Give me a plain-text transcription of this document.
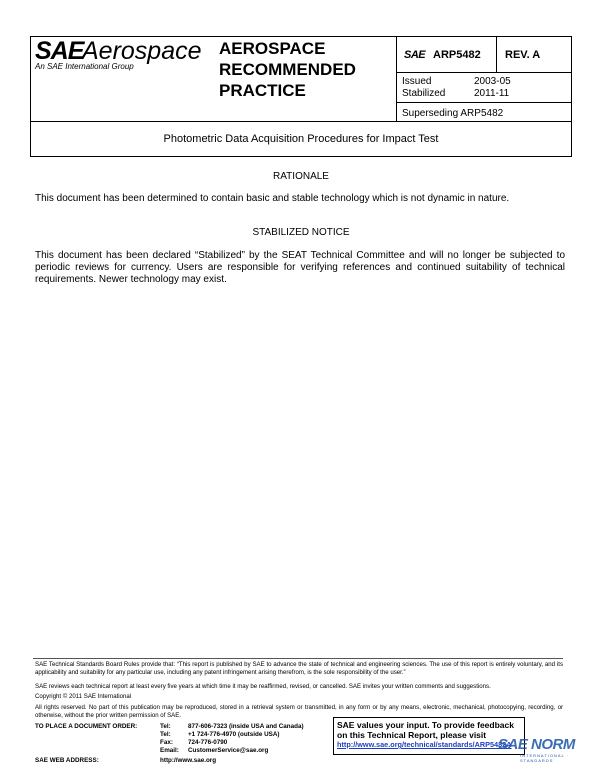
SAE
Aerospace
An SAE International Group
AEROSPACE
RECOMMENDED
PRACTICE
SAE ARP5482 REV. A
Issued	2003-05
Stabilized	2011-11
Superseding ARP5482
Photometric Data Acquisition Procedures for Impact Test
RATIONALE
This document has been determined to contain basic and stable technology which is not dynamic in nature.
STABILIZED NOTICE
This document has been declared “Stabilized” by the SEAT Technical Committee and will no longer be subjected to periodic reviews for currency. Users are responsible for verifying references and continued suitability of technical requirements. Newer technology may exist.
SAE Technical Standards Board Rules provide that: “This report is published by SAE to advance the state of technical and engineering sciences. The use of this report is entirely voluntary, and its applicability and suitability for any particular use, including any patent infringement arising therefrom, is the sole responsibility of the user.”
SAE reviews each technical report at least every five years at which time it may be reaffirmed, revised, or cancelled. SAE invites your written comments and suggestions.
Copyright © 2011 SAE International
All rights reserved. No part of this publication may be reproduced, stored in a retrieval system or transmitted, in any form or by any means, electronic, mechanical, photocopying, recording, or otherwise, without the prior written permission of SAE.
TO PLACE A DOCUMENT ORDER:	Tel:	877-606-7323 (inside USA and Canada)
Tel:	+1 724-776-4970 (outside USA)
Fax: 724-776-0790
Email: CustomerService@sae.org
SAE WEB ADDRESS:	http://www.sae.org
SAE values your input. To provide feedback
on this Technical Report, please visit
http://www.sae.org/technical/standards/ARP5482A
SAE NORM
INTERNATIONAL · STANDARDS
